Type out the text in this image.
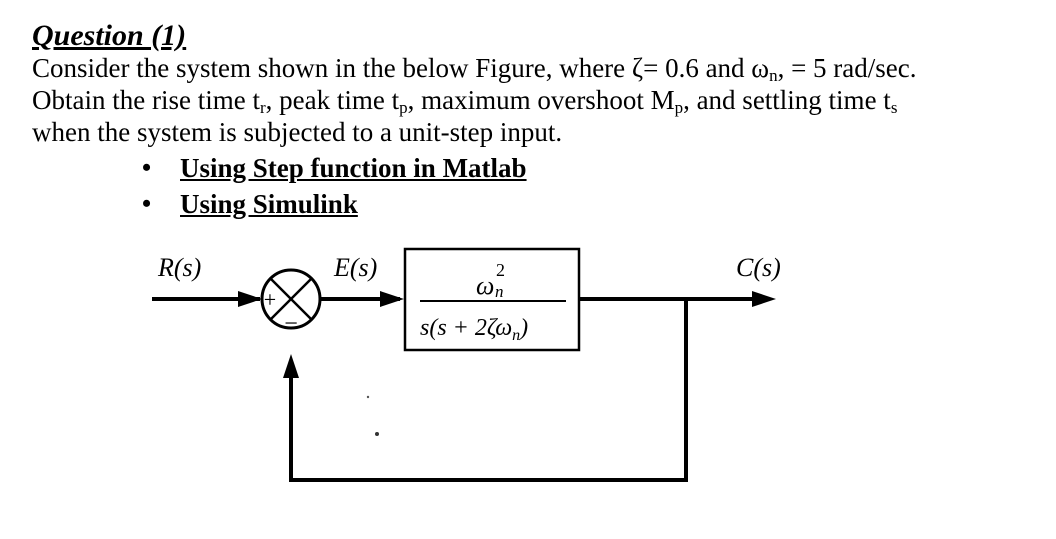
Question (1)
Consider the system shown in the below Figure, where ζ= 0.6 and $\omega_n$, = 5 rad/sec.
Obtain the rise time $t_r$, peak time $t_p$, maximum overshoot $M_p$, and settling time $t_s$
when the system is subjected to a unit-step input.
• Using Step function in Matlab
• Using Simulink
+
−
ω
2
n
$s(s + 2\zeta\omega_n)$
R(s)	E(s)	C(s)
